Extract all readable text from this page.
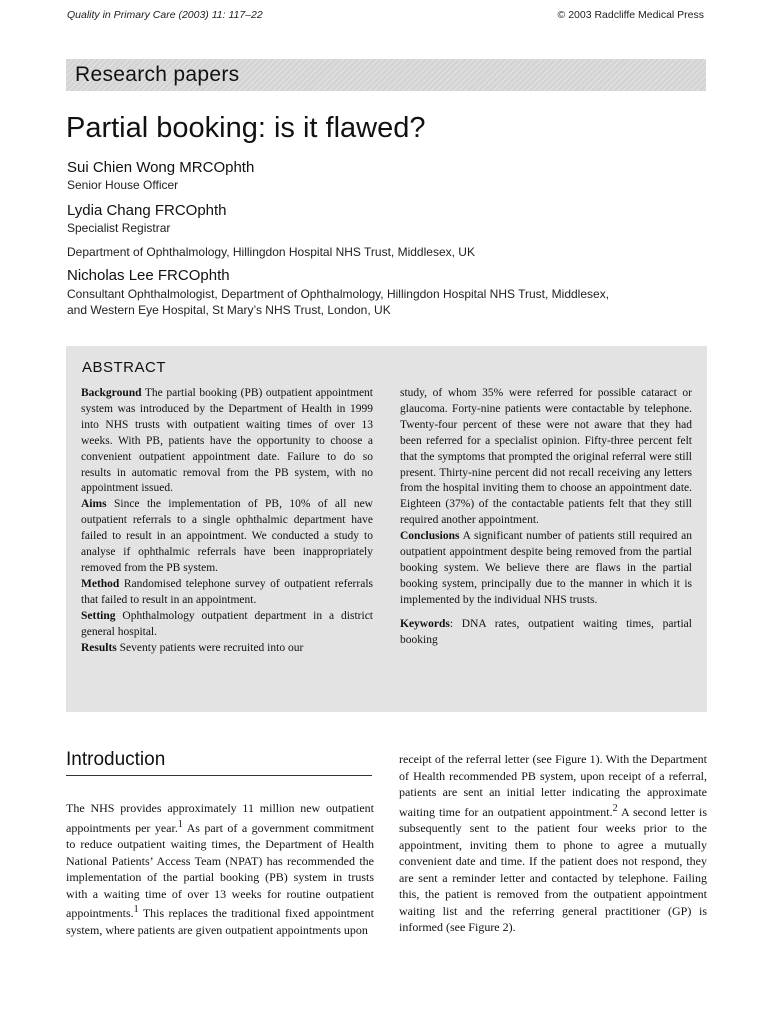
Quality in Primary Care (2003) 11: 117–22	© 2003 Radcliffe Medical Press
Research papers
Partial booking: is it flawed?
Sui Chien Wong MRCOphth
Senior House Officer
Lydia Chang FRCOphth
Specialist Registrar
Department of Ophthalmology, Hillingdon Hospital NHS Trust, Middlesex, UK
Nicholas Lee FRCOphth
Consultant Ophthalmologist, Department of Ophthalmology, Hillingdon Hospital NHS Trust, Middlesex,
and Western Eye Hospital, St Mary’s NHS Trust, London, UK
ABSTRACT

Background The partial booking (PB) outpatient appointment system was introduced by the Department of Health in 1999 into NHS trusts with outpatient waiting times of over 13 weeks. With PB, patients have the opportunity to choose a convenient outpatient appointment date. Failure to do so results in automatic removal from the PB system, with no appointment issued.

Aims Since the implementation of PB, 10% of all new outpatient referrals to a single ophthalmic department have failed to result in an appointment. We conducted a study to analyse if ophthalmic referrals have been inappropriately removed from the PB system.

Method Randomised telephone survey of outpatient referrals that failed to result in an appointment.

Setting Ophthalmology outpatient department in a district general hospital.

Results Seventy patients were recruited into our

study, of whom 35% were referred for possible cataract or glaucoma. Forty-nine patients were contactable by telephone. Twenty-four percent of these were not aware that they had been referred for a specialist opinion. Fifty-three percent felt that the symptoms that prompted the original referral were still present. Thirty-nine percent did not recall receiving any letters from the hospital inviting them to choose an appointment date. Eighteen (37%) of the contactable patients felt that they still required another appointment.

Conclusions A significant number of patients still required an outpatient appointment despite being removed from the partial booking system. We believe there are flaws in the partial booking system, principally due to the manner in which it is implemented by the individual NHS trusts.

Keywords: DNA rates, outpatient waiting times, partial booking

Introduction

The NHS provides approximately 11 million new outpatient appointments per year.$^1$ As part of a government commitment to reduce outpatient waiting times, the Department of Health National Patients’ Access Team (NPAT) has recommended the implementation of the partial booking (PB) system in trusts with a waiting time of over 13 weeks for routine outpatient appointments.$^1$ This replaces the traditional fixed appointment system, where patients are given outpatient appointments upon

receipt of the referral letter (see Figure 1). With the Department of Health recommended PB system, upon receipt of a referral, patients are sent an initial letter indicating the approximate waiting time for an outpatient appointment.$^2$ A second letter is subsequently sent to the patient four weeks prior to the appointment, inviting them to phone to agree a mutually convenient date and time. If the patient does not respond, they are sent a reminder letter and contacted by telephone. Failing this, the patient is removed from the outpatient appointment waiting list and the referring general practitioner (GP) is informed (see Figure 2).
